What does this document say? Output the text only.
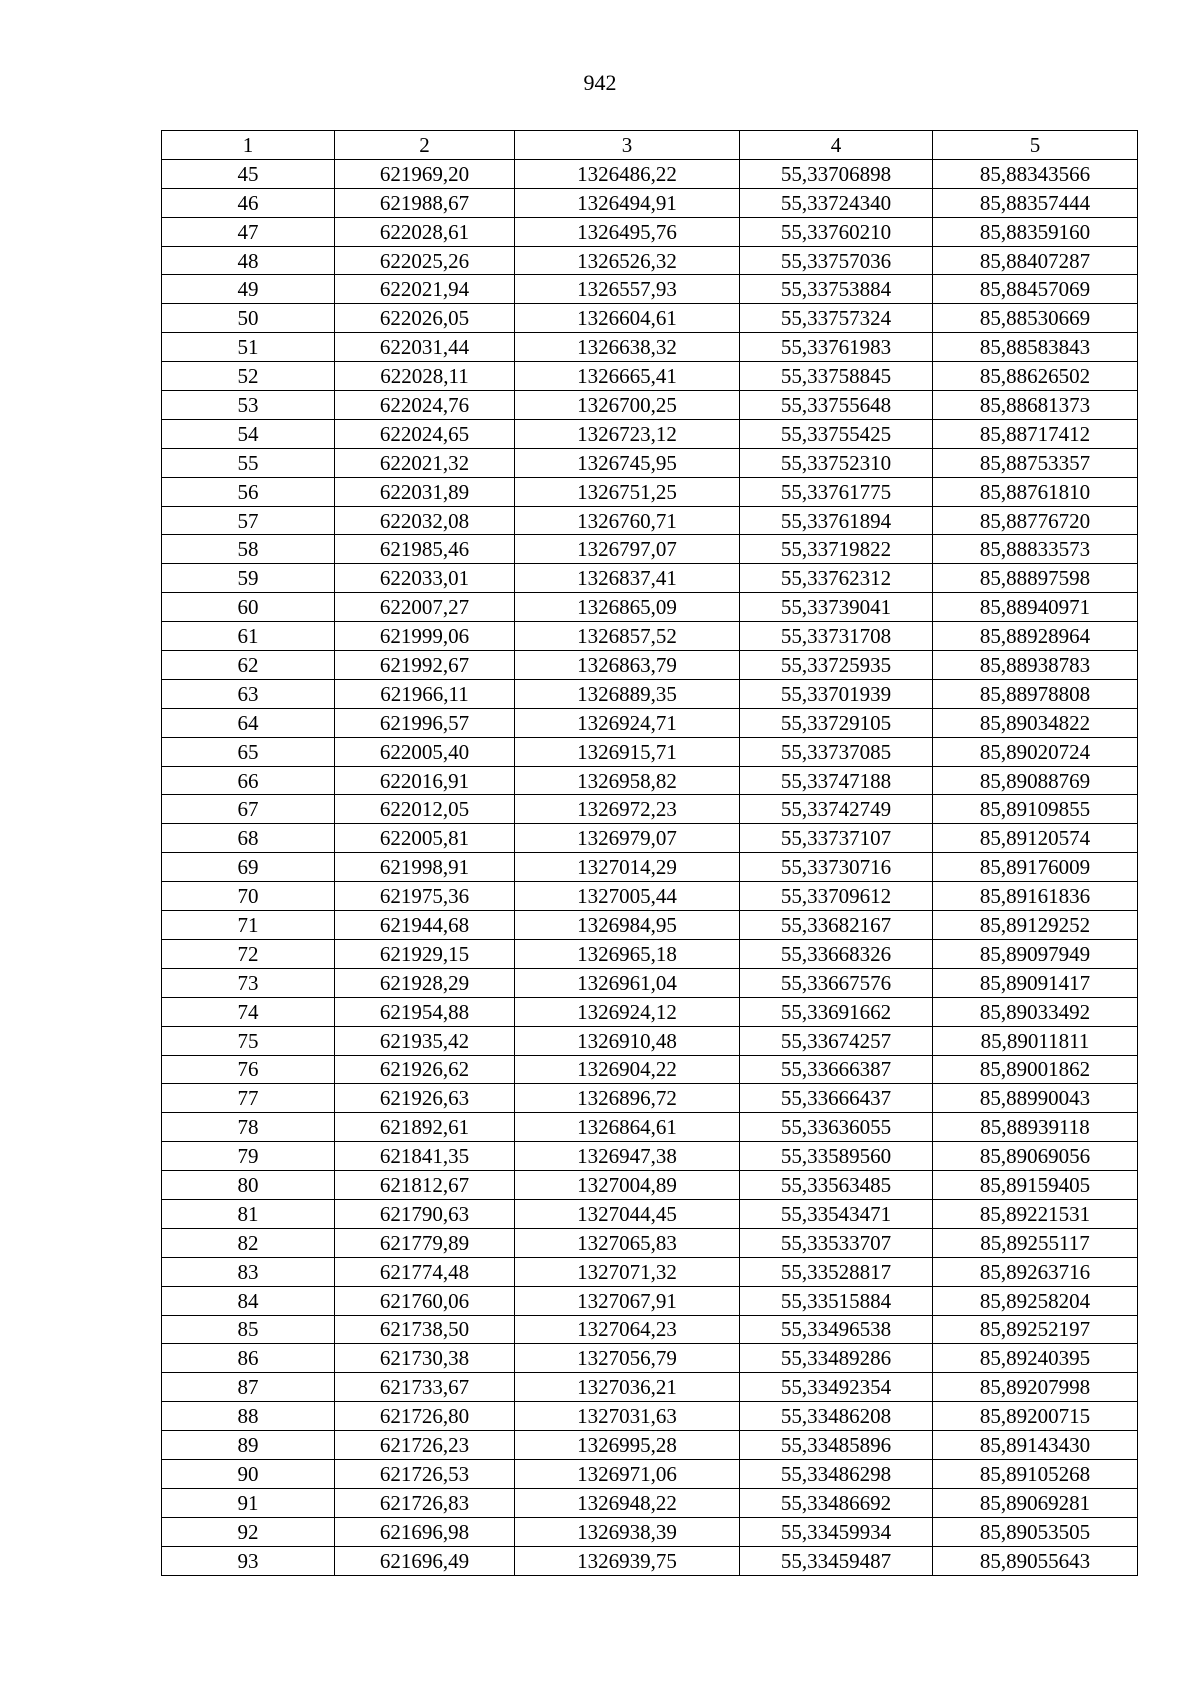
942
1	2	3	4	5
45	621969,20	1326486,22	55,33706898	85,88343566
46	621988,67	1326494,91	55,33724340	85,88357444
47	622028,61	1326495,76	55,33760210	85,88359160
48	622025,26	1326526,32	55,33757036	85,88407287
49	622021,94	1326557,93	55,33753884	85,88457069
50	622026,05	1326604,61	55,33757324	85,88530669
51	622031,44	1326638,32	55,33761983	85,88583843
52	622028,11	1326665,41	55,33758845	85,88626502
53	622024,76	1326700,25	55,33755648	85,88681373
54	622024,65	1326723,12	55,33755425	85,88717412
55	622021,32	1326745,95	55,33752310	85,88753357
56	622031,89	1326751,25	55,33761775	85,88761810
57	622032,08	1326760,71	55,33761894	85,88776720
58	621985,46	1326797,07	55,33719822	85,88833573
59	622033,01	1326837,41	55,33762312	85,88897598
60	622007,27	1326865,09	55,33739041	85,88940971
61	621999,06	1326857,52	55,33731708	85,88928964
62	621992,67	1326863,79	55,33725935	85,88938783
63	621966,11	1326889,35	55,33701939	85,88978808
64	621996,57	1326924,71	55,33729105	85,89034822
65	622005,40	1326915,71	55,33737085	85,89020724
66	622016,91	1326958,82	55,33747188	85,89088769
67	622012,05	1326972,23	55,33742749	85,89109855
68	622005,81	1326979,07	55,33737107	85,89120574
69	621998,91	1327014,29	55,33730716	85,89176009
70	621975,36	1327005,44	55,33709612	85,89161836
71	621944,68	1326984,95	55,33682167	85,89129252
72	621929,15	1326965,18	55,33668326	85,89097949
73	621928,29	1326961,04	55,33667576	85,89091417
74	621954,88	1326924,12	55,33691662	85,89033492
75	621935,42	1326910,48	55,33674257	85,89011811
76	621926,62	1326904,22	55,33666387	85,89001862
77	621926,63	1326896,72	55,33666437	85,88990043
78	621892,61	1326864,61	55,33636055	85,88939118
79	621841,35	1326947,38	55,33589560	85,89069056
80	621812,67	1327004,89	55,33563485	85,89159405
81	621790,63	1327044,45	55,33543471	85,89221531
82	621779,89	1327065,83	55,33533707	85,89255117
83	621774,48	1327071,32	55,33528817	85,89263716
84	621760,06	1327067,91	55,33515884	85,89258204
85	621738,50	1327064,23	55,33496538	85,89252197
86	621730,38	1327056,79	55,33489286	85,89240395
87	621733,67	1327036,21	55,33492354	85,89207998
88	621726,80	1327031,63	55,33486208	85,89200715
89	621726,23	1326995,28	55,33485896	85,89143430
90	621726,53	1326971,06	55,33486298	85,89105268
91	621726,83	1326948,22	55,33486692	85,89069281
92	621696,98	1326938,39	55,33459934	85,89053505
93	621696,49	1326939,75	55,33459487	85,89055643
